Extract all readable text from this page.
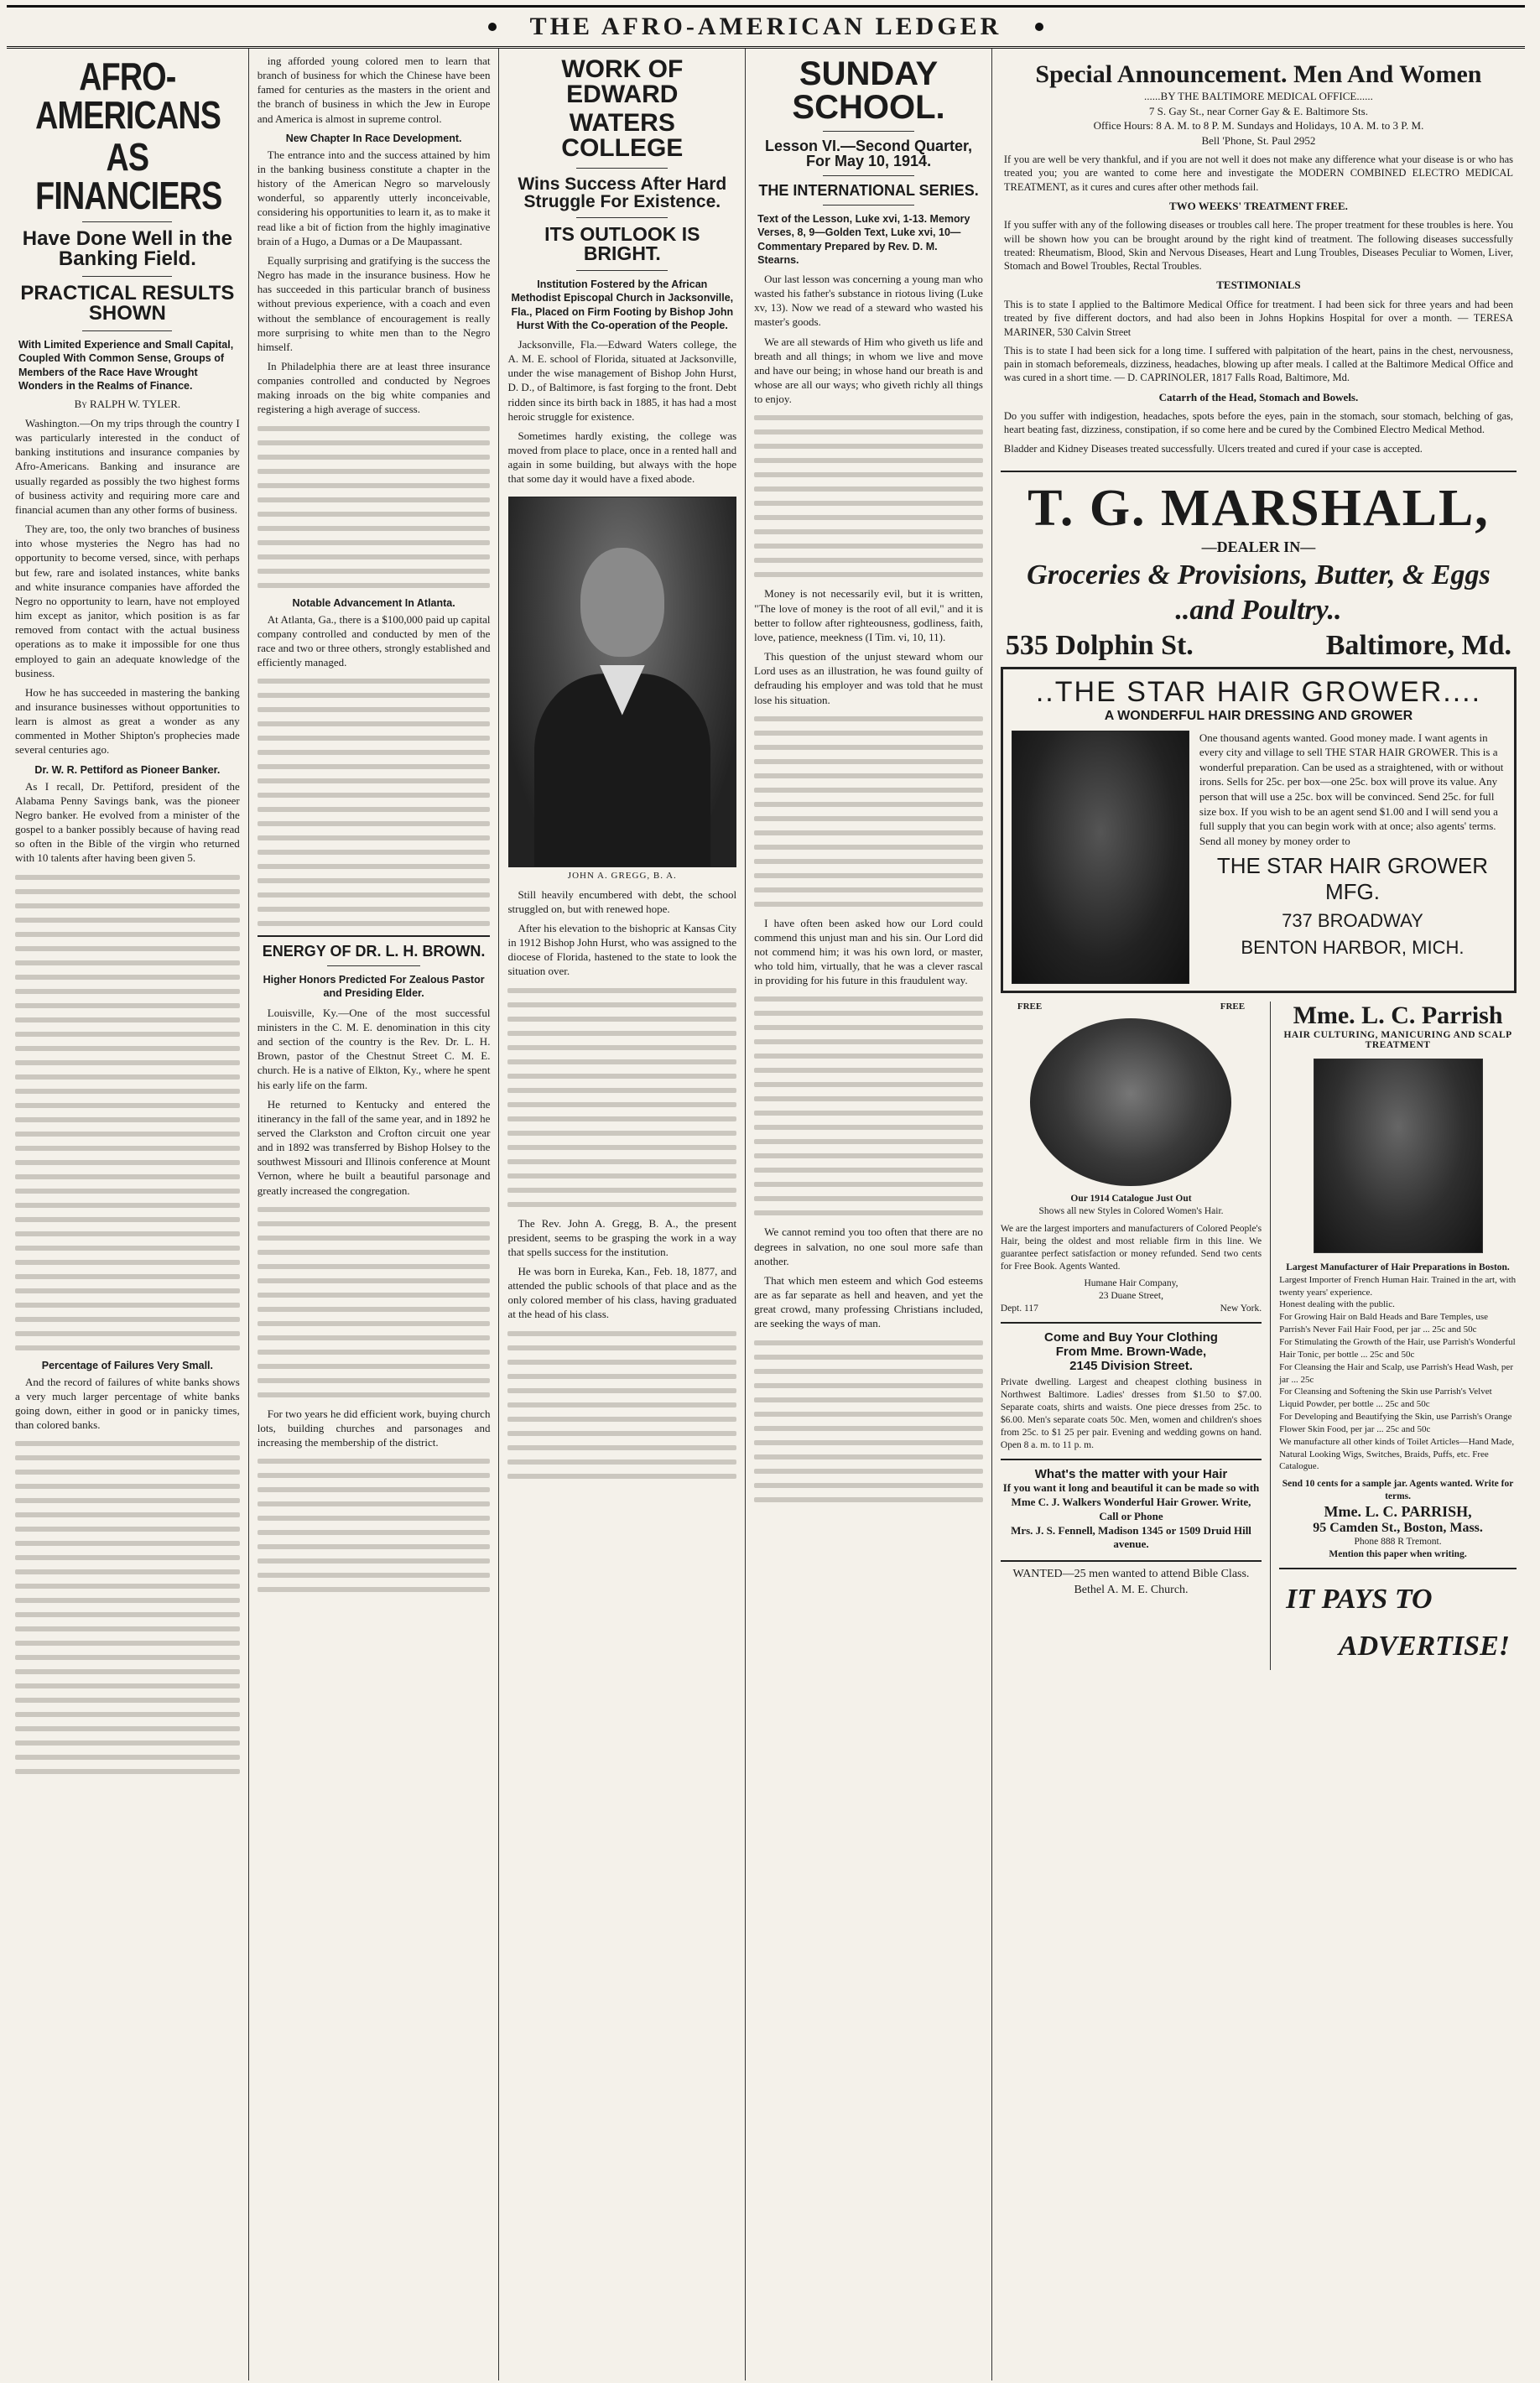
THE AFRO-AMERICAN LEDGER
AFRO-AMERICANS
AS FINANCIERS
Have Done Well in the Banking Field.
PRACTICAL RESULTS SHOWN
With Limited Experience and Small Capital, Coupled With Common Sense, Groups of Members of the Race Have Wrought Wonders in the Realms of Finance.
By RALPH W. TYLER.

Washington.—On my trips through the country I was particularly interested in the conduct of banking institutions and insurance companies by Afro-Americans. Banking and insurance are usually regarded as possibly the two highest forms of business activity and requiring more care and financial acumen than any other forms of business.

They are, too, the only two branches of business into whose mysteries the Negro has had no opportunity to become versed, since, with perhaps but few, rare and isolated instances, white banks and white insurance companies have afforded the Negro no opportunity to learn, have not employed him except as janitor, which position is as far removed from contact with the actual business operations as to make it impossible for one thus employed to gain an adequate knowledge of the business.

How he has succeeded in mastering the banking and insurance businesses without opportunities to learn is almost as great a wonder as any commented in Mother Shipton's prophecies made several centuries ago.

Dr. W. R. Pettiford as Pioneer Banker.

As I recall, Dr. Pettiford, president of the Alabama Penny Savings bank, was the pioneer Negro banker. He evolved from a minister of the gospel to a banker possibly because of having read so often in the Bible of the virgin who returned with 10 talents after having been given 5.

Percentage of Failures Very Small.

And the record of failures of white banks shows a very much larger percentage of white banks going down, either in good or in panicky times, than colored banks.

ing afforded young colored men to learn that branch of business for which the Chinese have been famed for centuries as the masters in the orient and the branch of business in which the Jew in Europe and America is almost in supreme control.

New Chapter In Race Development.

The entrance into and the success attained by him in the banking business constitute a chapter in the history of the American Negro so marvelously wonderful, so apparently utterly inconceivable, considering his opportunities to learn it, as to make it read like a bit of fiction from the highly imaginative brain of a Hugo, a Dumas or a De Maupassant.

Equally surprising and gratifying is the success the Negro has made in the insurance business. How he has succeeded in this particular branch of business without previous experience, with a coach and even without the semblance of encouragement is really more surprising to white men than to the Negro himself.

In Philadelphia there are at least three insurance companies controlled and conducted by Negroes making inroads on the big white companies and registering a high average of success.

Notable Advancement In Atlanta.

At Atlanta, Ga., there is a $100,000 paid up capital company controlled and conducted by men of the race and two or three others, strongly established and efficiently managed.

ENERGY OF DR. L. H. BROWN.
Higher Honors Predicted For Zealous Pastor and Presiding Elder.

Louisville, Ky.—One of the most successful ministers in the C. M. E. denomination in this city and section of the country is the Rev. Dr. L. H. Brown, pastor of the Chestnut Street C. M. E. church. He is a native of Elkton, Ky., where he spent his early life on the farm.

He returned to Kentucky and entered the itinerancy in the fall of the same year, and in 1892 he served the Clarkston and Crofton circuit one year and in 1892 was transferred by Bishop Holsey to the southwest Missouri and Illinois conference at Mount Vernon, where he built a beautiful parsonage and greatly increased the congregation.

For two years he did efficient work, buying church lots, building churches and parsonages and increasing the membership of the district.

WORK OF EDWARD
WATERS COLLEGE
Wins Success After Hard Struggle For Existence.
ITS OUTLOOK IS BRIGHT.
Institution Fostered by the African Methodist Episcopal Church in Jacksonville, Fla., Placed on Firm Footing by Bishop John Hurst With the Co-operation of the People.

Jacksonville, Fla.—Edward Waters college, the A. M. E. school of Florida, situated at Jacksonville, under the wise management of Bishop John Hurst, D. D., of Baltimore, is fast forging to the front. Debt ridden since its birth back in 1885, it has had a most heroic struggle for existence.

Sometimes hardly existing, the college was moved from place to place, once in a rented hall and again in some building, but always with the hope that some day it would have a fixed abode.

JOHN A. GREGG, B. A.

Still heavily encumbered with debt, the school struggled on, but with renewed hope.

After his elevation to the bishopric at Kansas City in 1912 Bishop John Hurst, who was assigned to the diocese of Florida, hastened to the state to look the situation over.

The Rev. John A. Gregg, B. A., the present president, seems to be grasping the work in a way that spells success for the institution.

He was born in Eureka, Kan., Feb. 18, 1877, and attended the public schools of that place and as the only colored member of his class, having graduated at the head of his class.

SUNDAY SCHOOL.
Lesson VI.—Second Quarter, For May 10, 1914.
THE INTERNATIONAL SERIES.
Text of the Lesson, Luke xvi, 1-13. Memory Verses, 8, 9—Golden Text, Luke xvi, 10—Commentary Prepared by Rev. D. M. Stearns.

Our last lesson was concerning a young man who wasted his father's substance in riotous living (Luke xv, 13). Now we read of a steward who wasted his master's goods.

We are all stewards of Him who giveth us life and breath and all things; in whom we live and move and have our being; in whose hand our breath is and whose are all our ways; who giveth richly all things to enjoy.

Money is not necessarily evil, but it is written, "The love of money is the root of all evil," and it is better to follow after righteousness, godliness, faith, love, patience, meekness (I Tim. vi, 10, 11).

This question of the unjust steward whom our Lord uses as an illustration, he was found guilty of defrauding his employer and was told that he must lose his situation.

I have often been asked how our Lord could commend this unjust man and his sin. Our Lord did not commend him; it was his own lord, or master, who told him, virtually, that he was a clever rascal in providing for his future in this fraudulent way.

We cannot remind you too often that there are no degrees in salvation, no one soul more safe than another.

That which men esteem and which God esteems are as far separate as hell and heaven, and yet the great crowd, many professing Christians included, are seeking the ways of man.

Special Announcement. Men And Women
......BY THE BALTIMORE MEDICAL OFFICE......
7 S. Gay St., near Corner Gay & E. Baltimore Sts.
Office Hours: 8 A. M. to 8 P. M. Sundays and Holidays, 10 A. M. to 3 P. M.
Bell 'Phone, St. Paul 2952
If you are well be very thankful, and if you are not well it does not make any difference what your disease is or who has treated you; you are wanted to come here and investigate the MODERN COMBINED ELECTRO MEDICAL TREATMENT, as it cures and cures after other methods fail.
TWO WEEKS' TREATMENT FREE.
If you suffer with any of the following diseases or troubles call here. The proper treatment for these troubles is here. You will be shown how you can be brought around by the right kind of treatment. The following diseases successfully treated: Rheumatism, Blood, Skin and Nervous Diseases, Heart and Lung Troubles, Diseases Peculiar to Women, Liver, Stomach and Bowel Troubles, Rectal Troubles.
TESTIMONIALS
This is to state I applied to the Baltimore Medical Office for treatment. I had been sick for three years and had been treated by five different doctors, and had also been in Johns Hopkins Hospital for over a month. — TERESA MARINER, 530 Calvin Street
This is to state I had been sick for a long time. I suffered with palpitation of the heart, pains in the chest, nervousness, pain in stomach beforemeals, dizziness, headaches, blowing up after meals. I called at the Baltimore Medical Office and was cured in a short time. — D. CAPRINOLER, 1817 Falls Road, Baltimore, Md.
Catarrh of the Head, Stomach and Bowels.
Do you suffer with indigestion, headaches, spots before the eyes, pain in the stomach, sour stomach, belching of gas, heart beating fast, dizziness, constipation, if so come here and be cured by the Combined Electro Medical Method.
Bladder and Kidney Diseases treated successfully. Ulcers treated and cured if your case is accepted.
T. G. MARSHALL,
—DEALER IN—
Groceries & Provisions, Butter, & Eggs
..and Poultry..
535 Dolphin St.	Baltimore, Md.
..THE STAR HAIR GROWER....
A WONDERFUL HAIR DRESSING AND GROWER
One thousand agents wanted. Good money made. I want agents in every city and village to sell THE STAR HAIR GROWER. This is a wonderful preparation. Can be used as a straightened, with or without irons. Sells for 25c. per box—one 25c. box will prove its value. Any person that will use a 25c. box will be convinced. Send 25c. for full size box. If you wish to be an agent send $1.00 and I will send you a full supply that you can begin work with at once; also agents' terms. Send all money by money order to
THE STAR HAIR GROWER MFG.
737 BROADWAY
BENTON HARBOR, MICH.
FREE	FREE
Our 1914 Catalogue Just Out
Shows all new Styles in Colored Women's Hair.
We are the largest importers and manufacturers of Colored People's Hair, being the oldest and most reliable firm in this line. We guarantee perfect satisfaction or money refunded. Send two cents for Free Book. Agents Wanted.
Humane Hair Company,
23 Duane Street,
Dept. 117	New York.
Come and Buy Your Clothing
From Mme. Brown-Wade,
2145 Division Street.
Private dwelling. Largest and cheapest clothing business in Northwest Baltimore. Ladies' dresses from $1.50 to $7.00. Separate coats, shirts and waists. One piece dresses from 25c. to $6.00. Men's separate coats 50c. Men, women and children's shoes from 25c. to $1 25 per pair. Evening and wedding gowns on hand. Open 8 a. m. to 11 p. m.
What's the matter with your Hair
If you want it long and beautiful it can be made so with Mme C. J. Walkers Wonderful Hair Grower. Write, Call or Phone
Mrs. J. S. Fennell, Madison 1345 or 1509 Druid Hill avenue.
WANTED—25 men wanted to attend Bible Class. Bethel A. M. E. Church.
Mme. L. C. Parrish
HAIR CULTURING, MANICURING AND SCALP TREATMENT
Largest Manufacturer of Hair Preparations in Boston.
Largest Importer of French Human Hair. Trained in the art, with twenty years' experience.
Honest dealing with the public.
For Growing Hair on Bald Heads and Bare Temples, use Parrish's Never Fail Hair Food, per jar ... 25c and 50c
For Stimulating the Growth of the Hair, use Parrish's Wonderful Hair Tonic, per bottle ... 25c and 50c
For Cleansing the Hair and Scalp, use Parrish's Head Wash, per jar ... 25c
For Cleansing and Softening the Skin use Parrish's Velvet Liquid Powder, per bottle ... 25c and 50c
For Developing and Beautifying the Skin, use Parrish's Orange Flower Skin Food, per jar ... 25c and 50c
We manufacture all other kinds of Toilet Articles—Hand Made, Natural Looking Wigs, Switches, Braids, Puffs, etc. Free Catalogue.
Send 10 cents for a sample jar. Agents wanted. Write for terms.
Mme. L. C. PARRISH,
95 Camden St., Boston, Mass.
Phone 888 R Tremont.
Mention this paper when writing.
IT PAYS TO
ADVERTISE!
